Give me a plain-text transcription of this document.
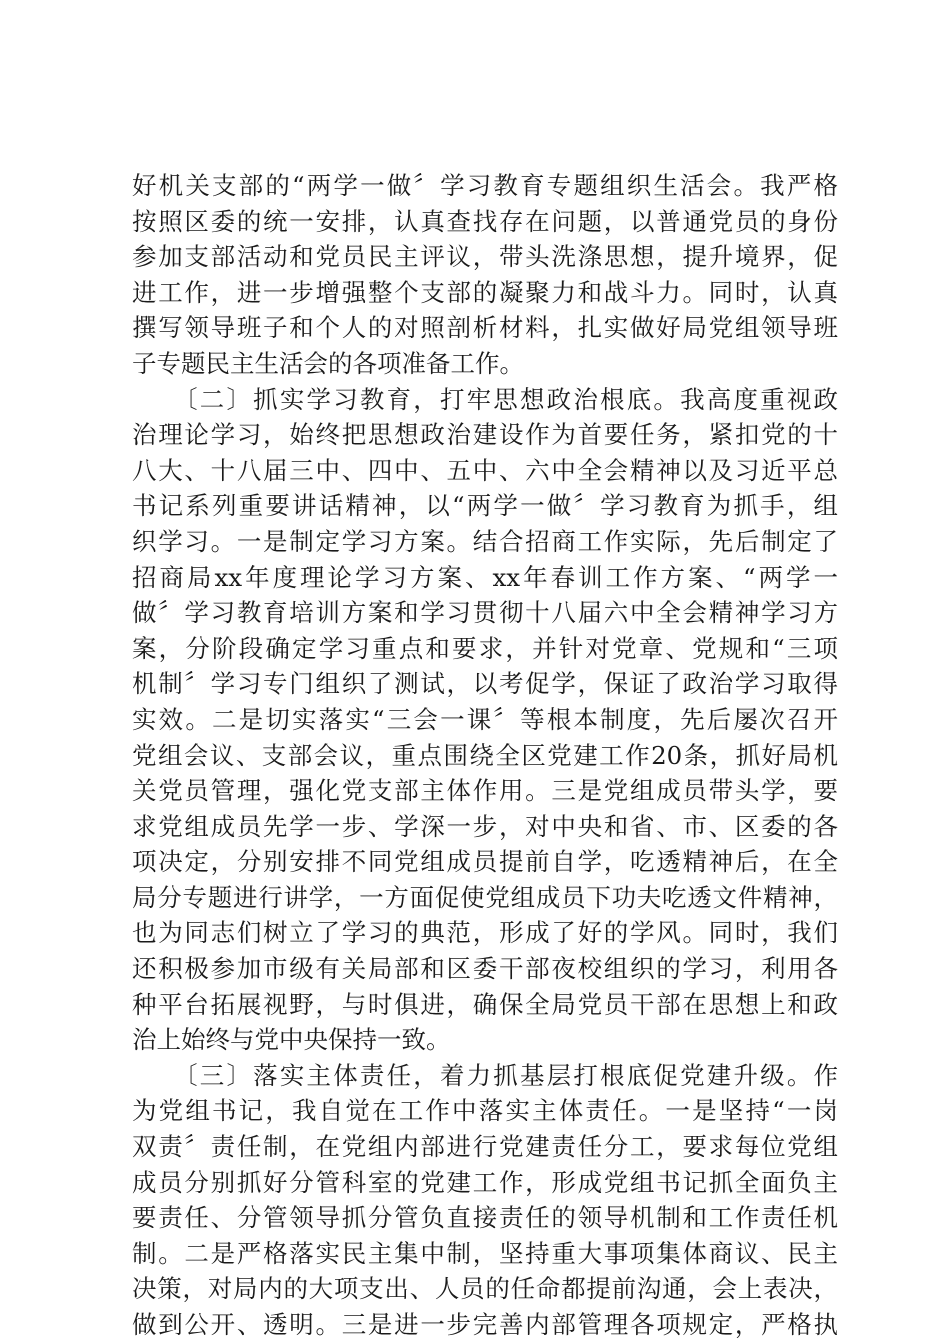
好机关支部的“两学一做〞学习教育专题组织生活会。我严格
按照区委的统一安排，认真查找存在问题，以普通党员的身份
参加支部活动和党员民主评议，带头洗涤思想，提升境界，促
进工作，进一步增强整个支部的凝聚力和战斗力。同时，认真
撰写领导班子和个人的对照剖析材料，扎实做好局党组领导班
子专题民主生活会的各项准备工作。
　　〔二〕抓实学习教育，打牢思想政治根底。我高度重视政
治理论学习，始终把思想政治建设作为首要任务，紧扣党的十
八大、十八届三中、四中、五中、六中全会精神以及习近平总
书记系列重要讲话精神，以“两学一做〞学习教育为抓手，组
织学习。一是制定学习方案。结合招商工作实际，先后制定了
招商局xx年度理论学习方案、xx年春训工作方案、“两学一
做〞学习教育培训方案和学习贯彻十八届六中全会精神学习方
案，分阶段确定学习重点和要求，并针对党章、党规和“三项
机制〞学习专门组织了测试，以考促学，保证了政治学习取得
实效。二是切实落实“三会一课〞等根本制度，先后屡次召开
党组会议、支部会议，重点围绕全区党建工作20条，抓好局机
关党员管理，强化党支部主体作用。三是党组成员带头学，要
求党组成员先学一步、学深一步，对中央和省、市、区委的各
项决定，分别安排不同党组成员提前自学，吃透精神后，在全
局分专题进行讲学，一方面促使党组成员下功夫吃透文件精神，
也为同志们树立了学习的典范，形成了好的学风。同时，我们
还积极参加市级有关局部和区委干部夜校组织的学习，利用各
种平台拓展视野，与时俱进，确保全局党员干部在思想上和政
治上始终与党中央保持一致。
　　〔三〕落实主体责任，着力抓基层打根底促党建升级。作
为党组书记，我自觉在工作中落实主体责任。一是坚持“一岗
双责〞责任制，在党组内部进行党建责任分工，要求每位党组
成员分别抓好分管科室的党建工作，形成党组书记抓全面负主
要责任、分管领导抓分管负直接责任的领导机制和工作责任机
制。二是严格落实民主集中制，坚持重大事项集体商议、民主
决策，对局内的大项支出、人员的任命都提前沟通，会上表决，
做到公开、透明。三是进一步完善内部管理各项规定，严格执
